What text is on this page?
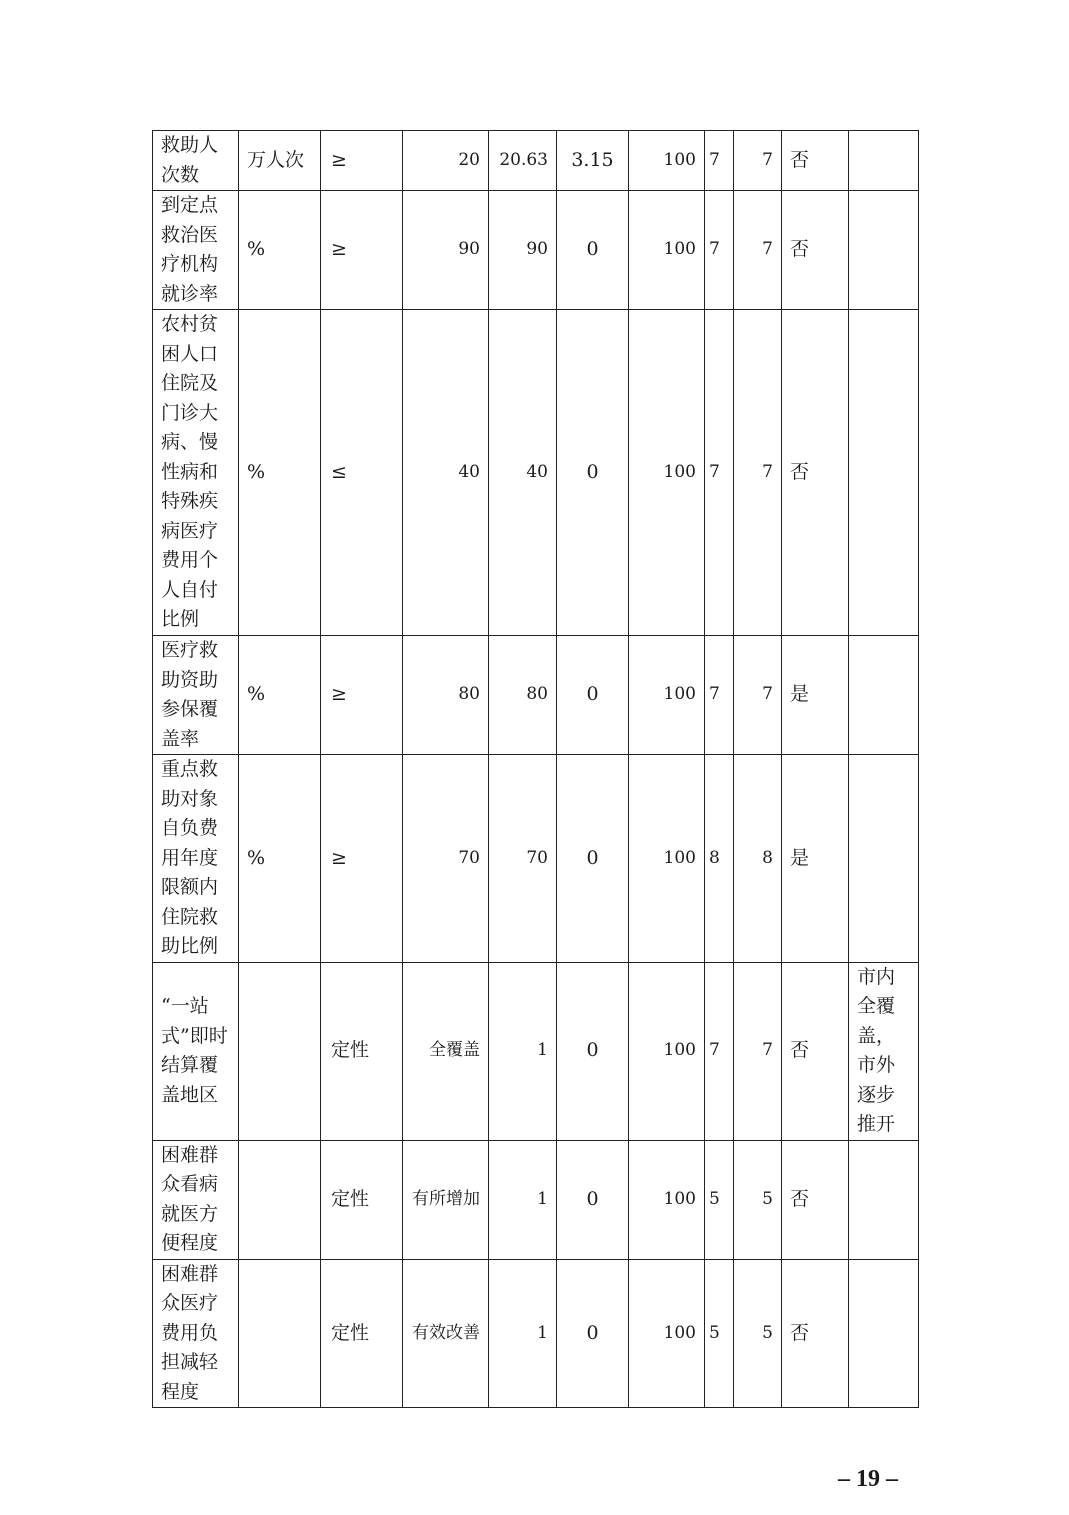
救助人次数	万人次	≥	20	20.63	3.15	100	7	7	否	
到定点救治医疗机构就诊率	%	≥	90	90	0	100	7	7	否	
农村贫困人口住院及门诊大病、慢性病和特殊疾病医疗费用个人自付比例	%	≤	40	40	0	100	7	7	否	
医疗救助资助参保覆盖率	%	≥	80	80	0	100	7	7	是	
重点救助对象自负费用年度限额内住院救助比例	%	≥	70	70	0	100	8	8	是	
“一站式”即时结算覆盖地区		定性	全覆盖	1	0	100	7	7	否	市内全覆盖，市外逐步推开
困难群众看病就医方便程度		定性	有所增加	1	0	100	5	5	否	
困难群众医疗费用负担减轻程度		定性	有效改善	1	0	100	5	5	否	
– 19 –
